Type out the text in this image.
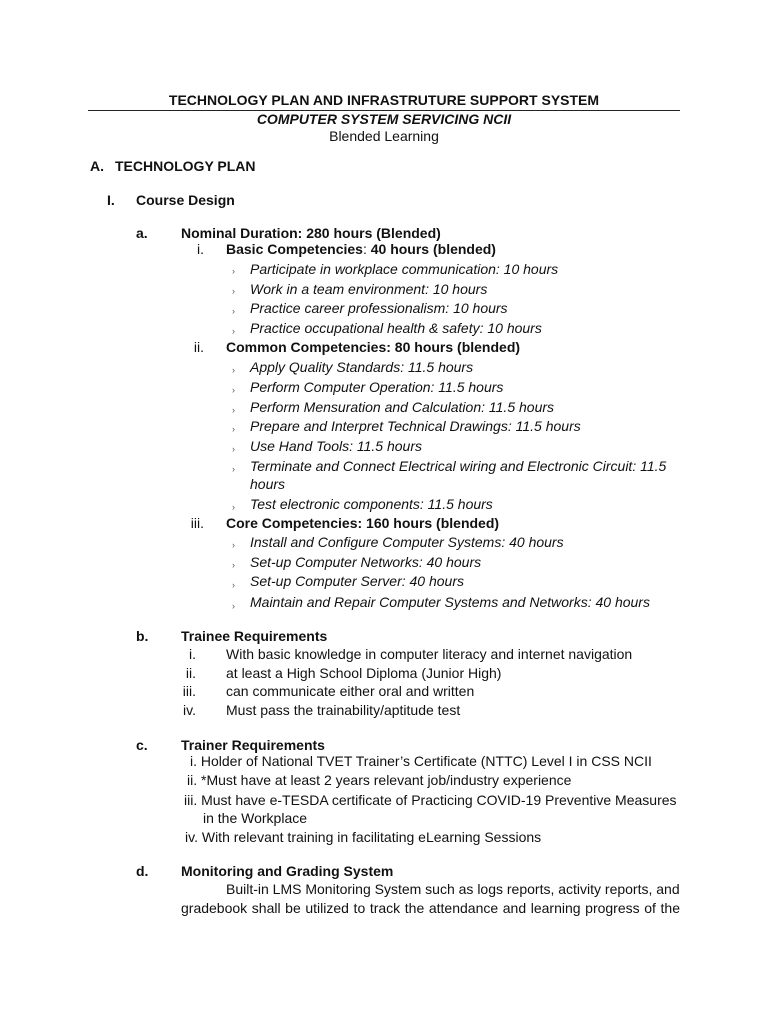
TECHNOLOGY PLAN AND INFRASTRUTURE SUPPORT SYSTEM
COMPUTER SYSTEM SERVICING NCII
Blended Learning
A. TECHNOLOGY PLAN
I. Course Design
a. Nominal Duration: 280 hours (Blended)
i. Basic Competencies: 40 hours (blended)
› Participate in workplace communication: 10 hours
› Work in a team environment: 10 hours
› Practice career professionalism: 10 hours
› Practice occupational health & safety: 10 hours
ii. Common Competencies: 80 hours (blended)
› Apply Quality Standards: 11.5 hours
› Perform Computer Operation: 11.5 hours
› Perform Mensuration and Calculation: 11.5 hours
› Prepare and Interpret Technical Drawings: 11.5 hours
› Use Hand Tools: 11.5 hours
› Terminate and Connect Electrical wiring and Electronic Circuit: 11.5
hours
› Test electronic components: 11.5 hours
iii. Core Competencies: 160 hours (blended)
› Install and Configure Computer Systems: 40 hours
› Set-up Computer Networks: 40 hours
› Set-up Computer Server: 40 hours
› Maintain and Repair Computer Systems and Networks: 40 hours
b. Trainee Requirements
i. With basic knowledge in computer literacy and internet navigation
ii. at least a High School Diploma (Junior High)
iii. can communicate either oral and written
iv. Must pass the trainability/aptitude test
c. Trainer Requirements
i. Holder of National TVET Trainer’s Certificate (NTTC) Level I in CSS NCII
ii. *Must have at least 2 years relevant job/industry experience
iii. Must have e-TESDA certificate of Practicing COVID-19 Preventive Measures
in the Workplace
iv. With relevant training in facilitating eLearning Sessions
d. Monitoring and Grading System
Built-in LMS Monitoring System such as logs reports, activity reports, and
gradebook shall be utilized to track the attendance and learning progress of the
